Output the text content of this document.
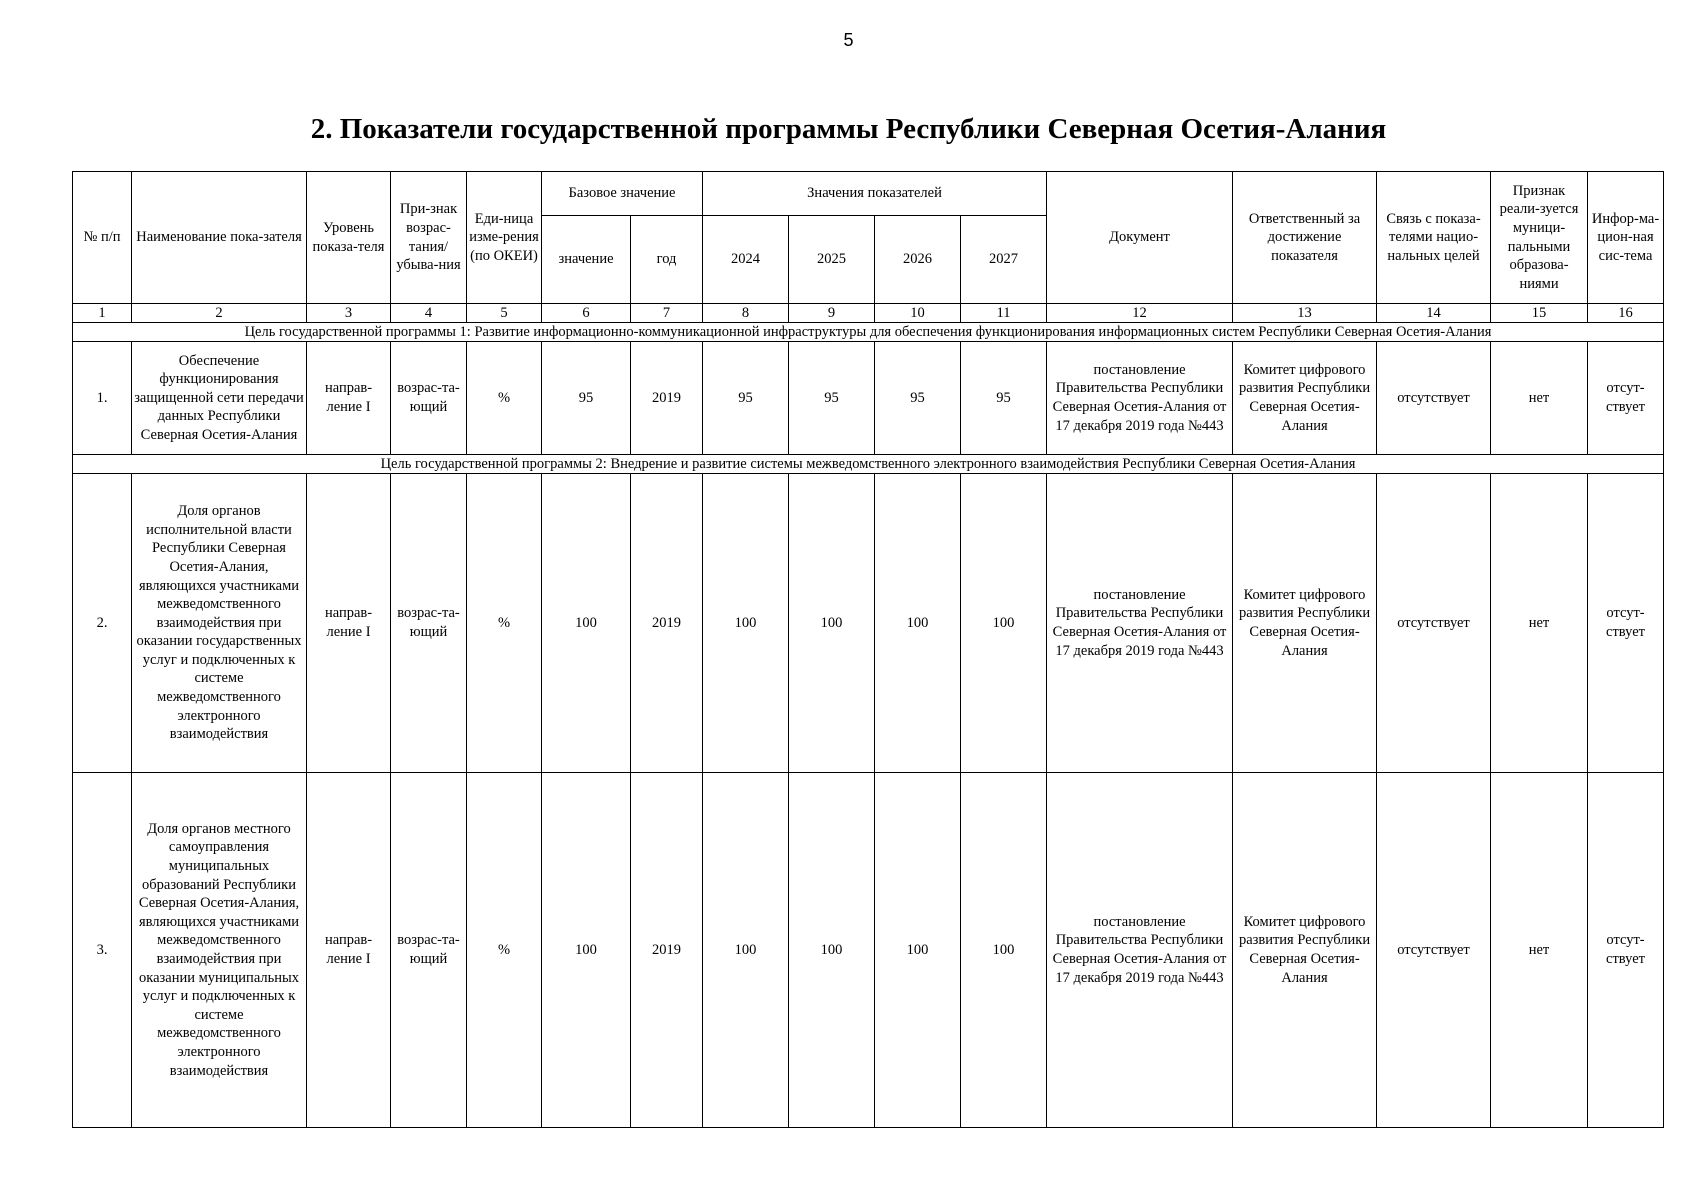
5
2. Показатели государственной программы Республики Северная Осетия-Алания
№ п/п	Наименование пока-зателя	Уровень показа-теля	При-знак возрас-тания/ убыва-ния	Еди-ница изме-рения (по ОКЕИ)	Базовое значение		Значения показателей				Документ	Ответственный за достижение показателя	Связь с показа-телями нацио-нальных целей	Признак реали-зуется муници-пальными образова-ниями	Инфор-ма-цион-ная сис-тема
					значение	год	2024	2025	2026	2027					
1	2	3	4	5	6	7	8	9	10	11	12	13	14	15	16
Цель государственной программы 1: Развитие информационно-коммуникационной инфраструктуры для обеспечения функционирования информационных систем Республики Северная Осетия-Алания															
1.	Обеспечение функционирования защищенной сети передачи данных Республики Северная Осетия-Алания	направ-ление I	возрас-та-ющий	%	95	2019	95	95	95	95	постановление Правительства Республики Северная Осетия-Алания от 17 декабря 2019 года №443	Комитет цифрового развития Республики Северная Осетия-Алания	отсутствует	нет	отсут-ствует
Цель государственной программы 2: Внедрение и развитие системы межведомственного электронного взаимодействия Республики Северная Осетия-Алания															
2.	Доля органов исполнительной власти Республики Северная Осетия-Алания, являющихся участниками межведомственного взаимодействия при оказании государственных услуг и подключенных к системе межведомственного электронного взаимодействия	направ-ление I	возрас-та-ющий	%	100	2019	100	100	100	100	постановление Правительства Республики Северная Осетия-Алания от 17 декабря 2019 года №443	Комитет цифрового развития Республики Северная Осетия-Алания	отсутствует	нет	отсут-ствует
3.	Доля органов местного самоуправления муниципальных образований Республики Северная Осетия-Алания, являющихся участниками межведомственного взаимодействия при оказании муниципальных услуг и подключенных к системе межведомственного электронного взаимодействия	направ-ление I	возрас-та-ющий	%	100	2019	100	100	100	100	постановление Правительства Республики Северная Осетия-Алания от 17 декабря 2019 года №443	Комитет цифрового развития Республики Северная Осетия-Алания	отсутствует	нет	отсут-ствует
